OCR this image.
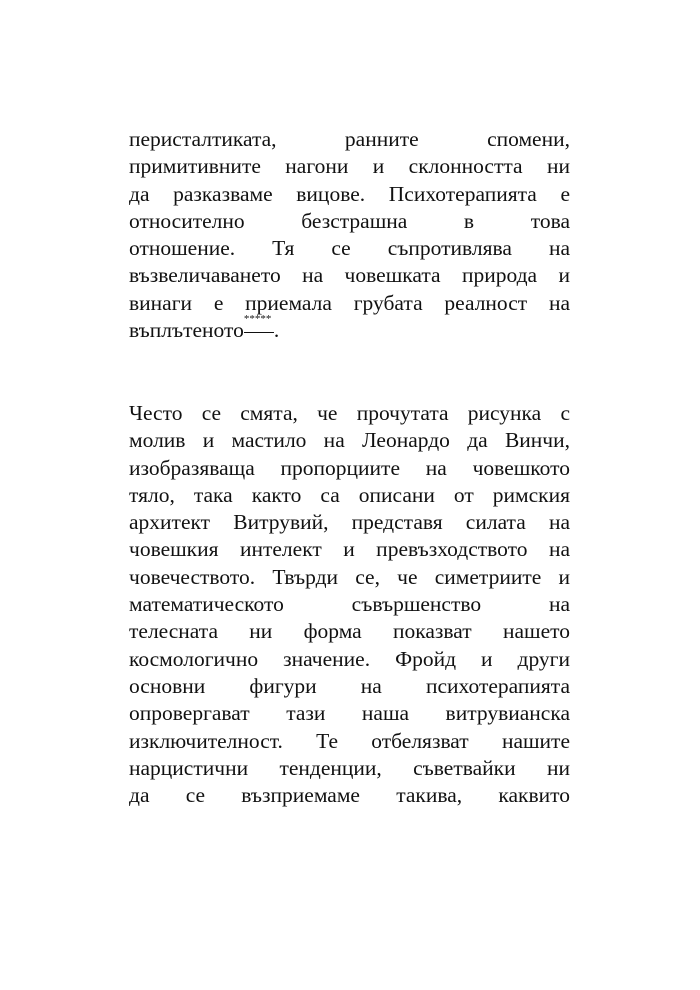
перисталтиката, ранните спомени,
примитивните нагони и склонността ни
да разказваме вицове. Психотерапията е
относително безстрашна в това
отношение. Тя се съпротивлява на
възвеличаването на човешката природа и
винаги е приемала грубата реалност на
въплътеното ***** .
Често се смята, че прочутата рисунка с
молив и мастило на Леонардо да Винчи,
изобразяваща пропорциите на човешкото
тяло, така както са описани от римския
архитект Витрувий, представя силата на
човешкия интелект и превъзходството на
човечеството. Твърди се, че симетриите и
математическото съвършенство на
телесната ни форма показват нашето
космологично значение. Фройд и други
основни фигури на психотерапията
опровергават тази наша витрувианска
изключителност. Те отбелязват нашите
нарцистични тенденции, съветвайки ни
да се възприемаме такива, каквито
